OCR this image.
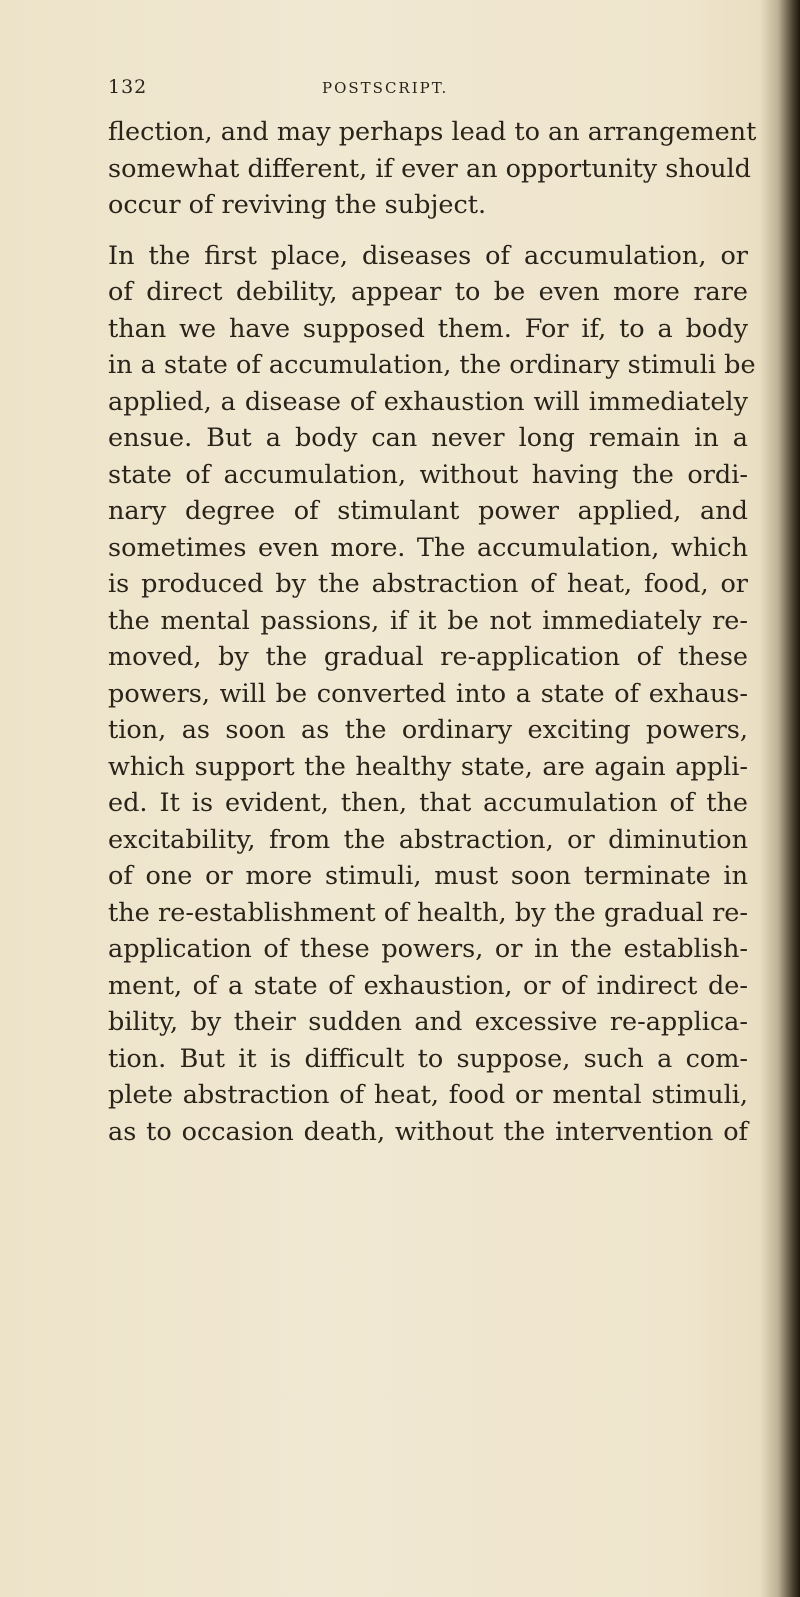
132	POSTSCRIPT.
flection, and may perhaps lead to an arrangement
somewhat different, if ever an opportunity should
occur of reviving the subject.
In the first place, diseases of accumulation, or
of direct debility, appear to be even more rare
than we have supposed them. For if, to a body
in a state of accumulation, the ordinary stimuli be
applied, a disease of exhaustion will immediately
ensue. But a body can never long remain in a
state of accumulation, without having the ordi-
nary degree of stimulant power applied, and
sometimes even more. The accumulation, which
is produced by the abstraction of heat, food, or
the mental passions, if it be not immediately re-
moved, by the gradual re-application of these
powers, will be converted into a state of exhaus-
tion, as soon as the ordinary exciting powers,
which support the healthy state, are again appli-
ed. It is evident, then, that accumulation of the
excitability, from the abstraction, or diminution
of one or more stimuli, must soon terminate in
the re-establishment of health, by the gradual re-
application of these powers, or in the establish-
ment, of a state of exhaustion, or of indirect de-
bility, by their sudden and excessive re-applica-
tion. But it is difficult to suppose, such a com-
plete abstraction of heat, food or mental stimuli,
as to occasion death, without the intervention of
